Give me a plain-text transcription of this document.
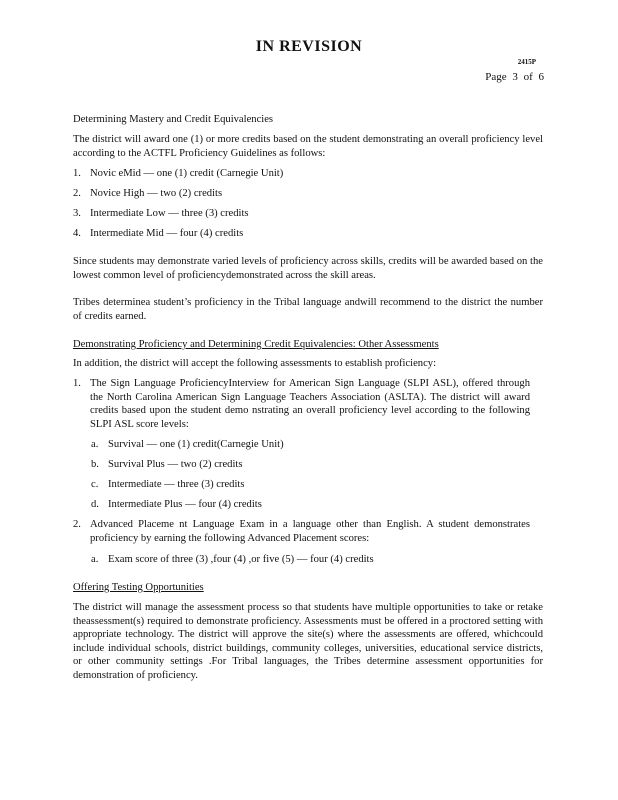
IN REVISION
2415P
Page 3 of 6
Determining Mastery and Credit Equivalencies
The district will award one (1) or more credits based on the student demonstrating an overall proficiency level according to the ACTFL Proficiency Guidelines as follows:
1. Novic eMid — one (1) credit (Carnegie Unit)
2. Novice High — two (2) credits
3. Intermediate Low — three (3) credits
4. Intermediate Mid — four (4) credits
Since students may demonstrate varied levels of proficiency across skills, credits will be awarded based on the lowest common level of proficiencydemonstrated across the skill areas.
Tribes determinea student’s proficiency in the Tribal language andwill recommend to the district the number of credits earned.
Demonstrating Proficiency and Determining Credit Equivalencies: Other Assessments
In addition, the district will accept the following assessments to establish proficiency:
1. The Sign Language ProficiencyInterview for American Sign Language (SLPI ASL), offered through the North Carolina American Sign Language Teachers Association (ASLTA). The district will award credits based upon the student demo nstrating an overall proficiency level according to the following SLPI ASL score levels:
a. Survival — one (1) credit(Carnegie Unit)
b. Survival Plus — two (2) credits
c. Intermediate — three (3) credits
d. Intermediate Plus — four (4) credits
2. Advanced Placeme nt Language Exam in a language other than English. A student demonstrates proficiency by earning the following Advanced Placement scores:
a. Exam score of three (3) ,four (4) ,or five (5) — four (4) credits
Offering Testing Opportunities
The district will manage the assessment process so that students have multiple opportunities to take or retake theassessment(s) required to demonstrate proficiency. Assessments must be offered in a proctored setting with appropriate technology. The district will approve the site(s) where the assessments are offered, whichcould include individual schools, district buildings, community colleges, universities, educational service districts, or other community settings .For Tribal languages, the Tribes determine assessment opportunities for demonstration of proficiency.
